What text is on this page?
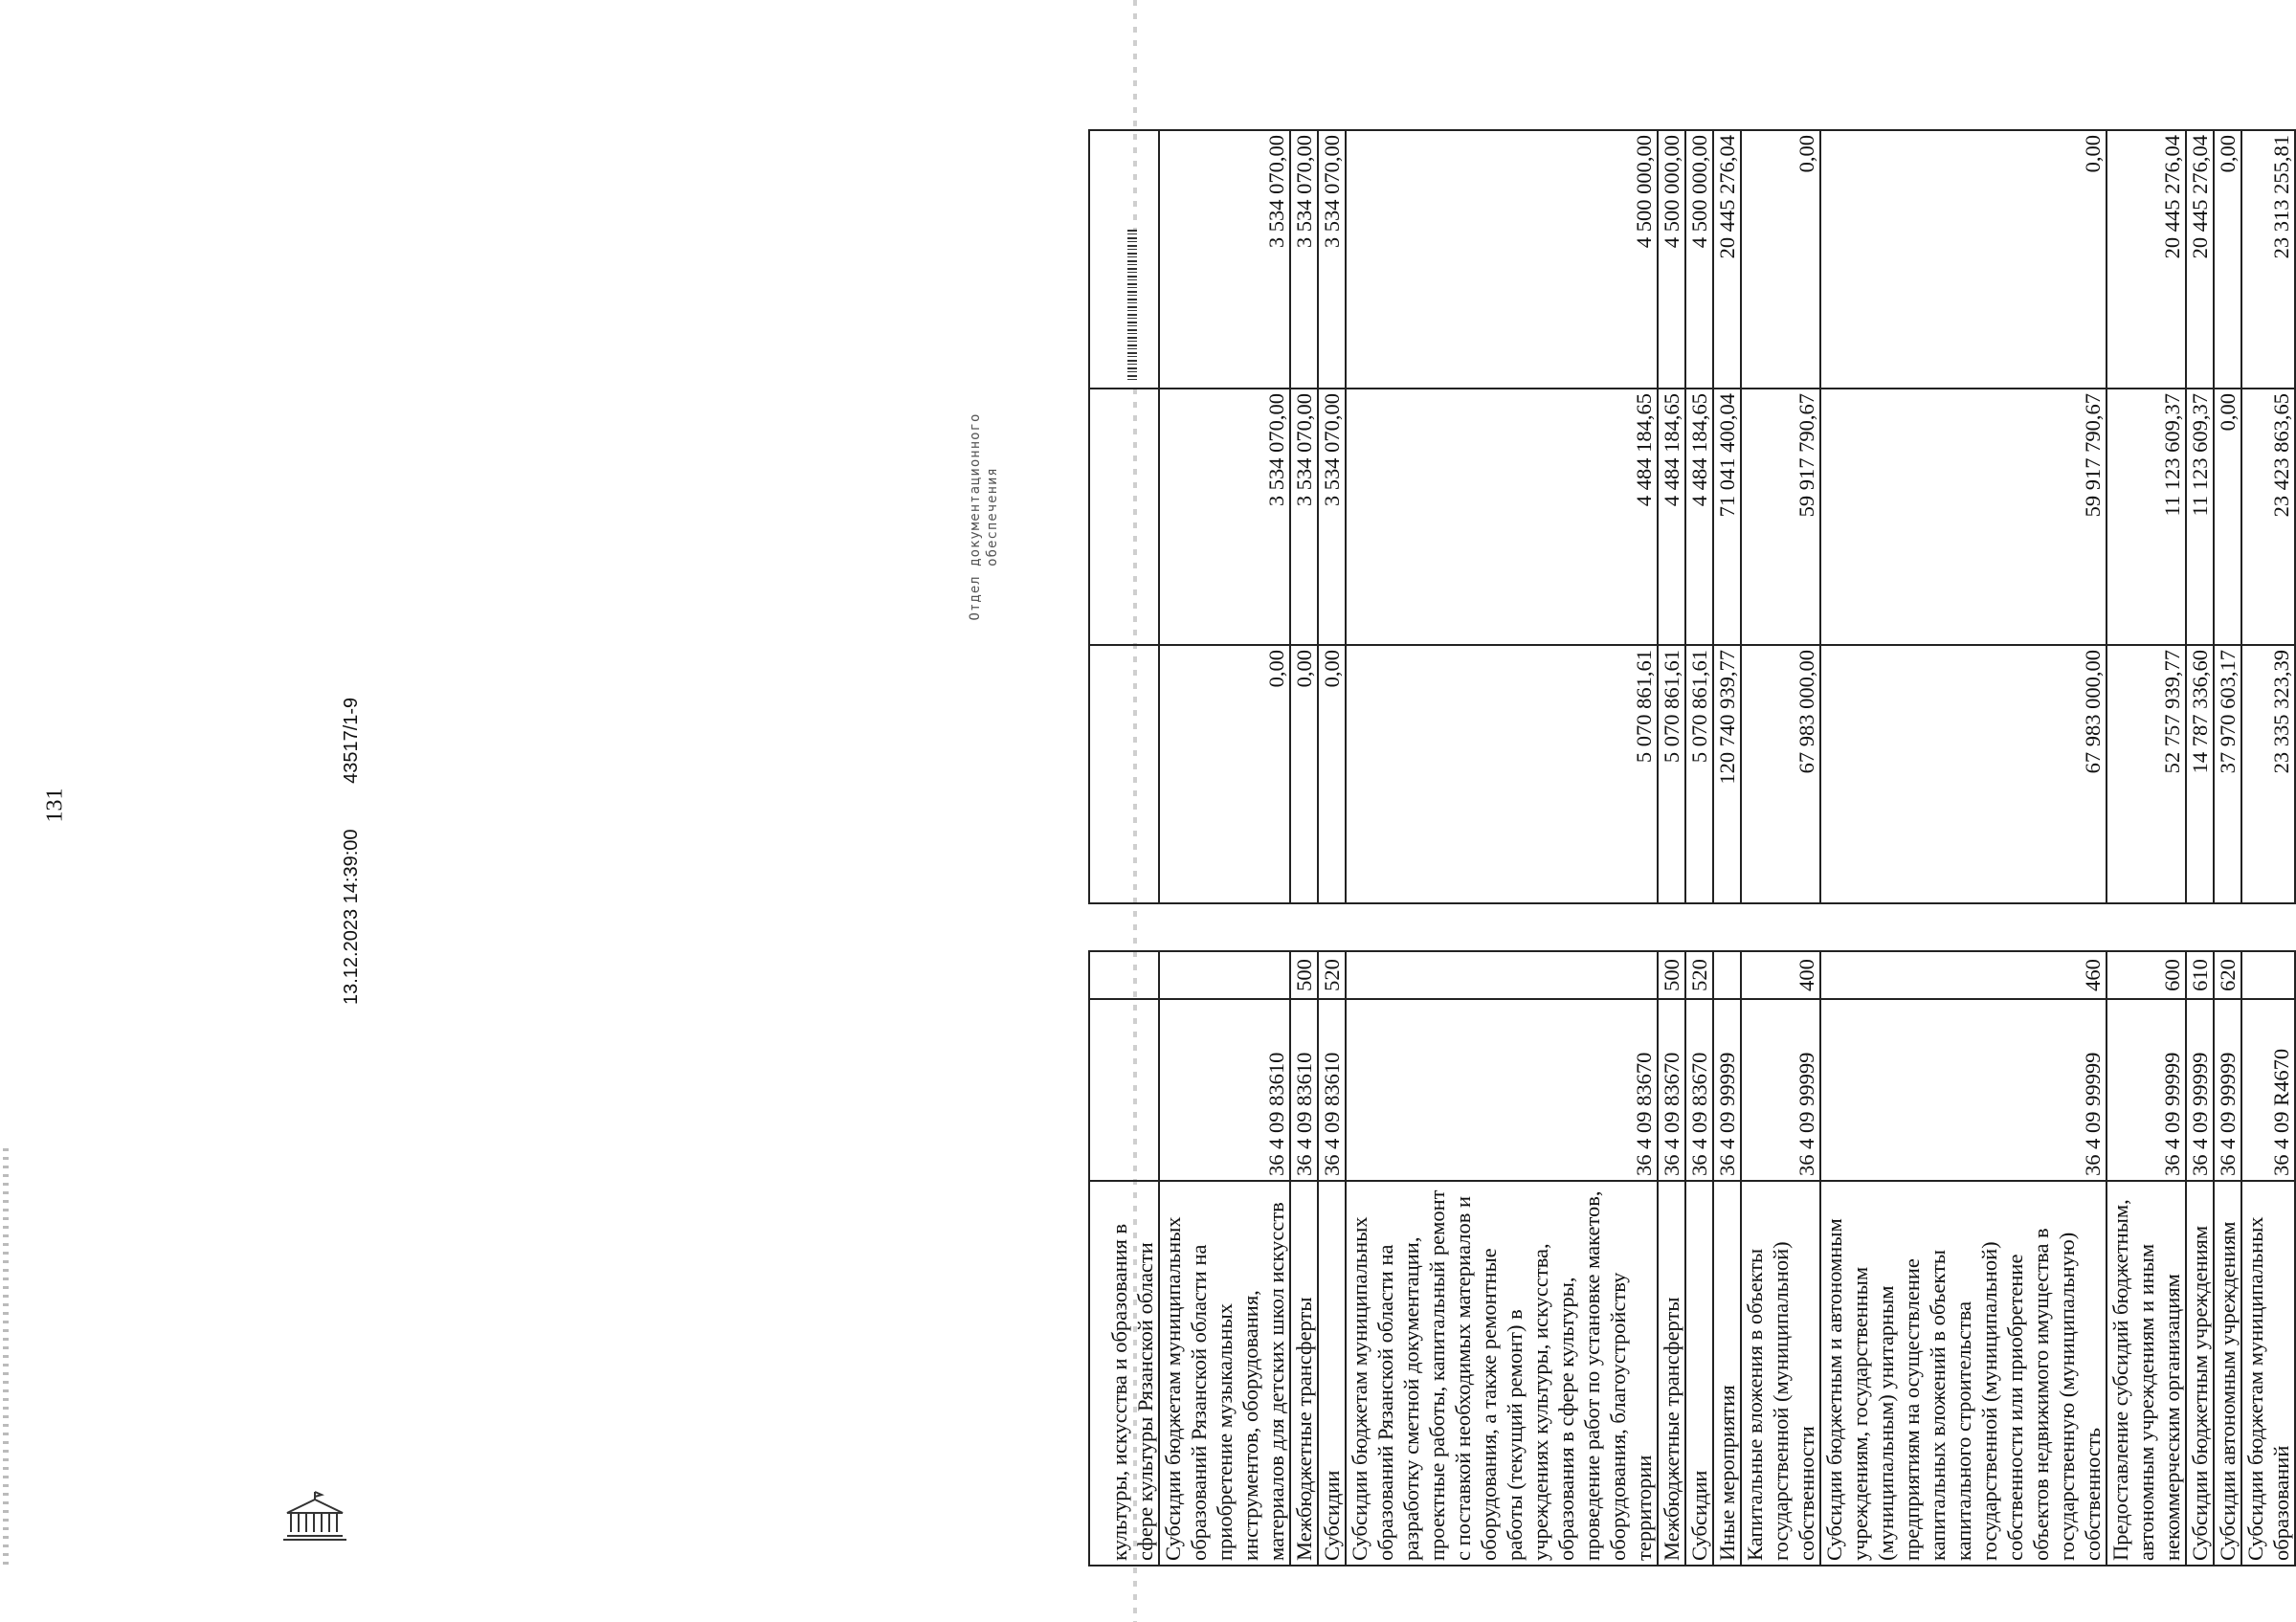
131
культуры, искусства и образования в сфере культуры Рязанской области						
Субсидии бюджетам муниципальных образований Рязанской области на приобретение музыкальных инструментов, оборудования, материалов для детских школ искусств	36 4 09 83610			0,00	3 534 070,00	3 534 070,00
Межбюджетные трансферты	36 4 09 83610	500		0,00	3 534 070,00	3 534 070,00
Субсидии	36 4 09 83610	520		0,00	3 534 070,00	3 534 070,00
Субсидии бюджетам муниципальных образований Рязанской области на разработку сметной документации, проектные работы, капитальный ремонт с поставкой необходимых материалов и оборудования, а также ремонтные работы (текущий ремонт) в учреждениях культуры, искусства, образования в сфере культуры, проведение работ по установке макетов, оборудования, благоустройству территории	36 4 09 83670			5 070 861,61	4 484 184,65	4 500 000,00
Межбюджетные трансферты	36 4 09 83670	500		5 070 861,61	4 484 184,65	4 500 000,00
Субсидии	36 4 09 83670	520		5 070 861,61	4 484 184,65	4 500 000,00
Иные мероприятия	36 4 09 99999			120 740 939,77	71 041 400,04	20 445 276,04
Капитальные вложения в объекты государственной (муниципальной) собственности	36 4 09 99999	400		67 983 000,00	59 917 790,67	0,00
Субсидии бюджетным и автономным учреждениям, государственным (муниципальным) унитарным предприятиям на осуществление капитальных вложений в объекты капитального строительства государственной (муниципальной) собственности или приобретение объектов недвижимого имущества в государственную (муниципальную) собственность	36 4 09 99999	460		67 983 000,00	59 917 790,67	0,00
Предоставление субсидий бюджетным, автономным учреждениям и иным некоммерческим организациям	36 4 09 99999	600		52 757 939,77	11 123 609,37	20 445 276,04
Субсидии бюджетным учреждениям	36 4 09 99999	610		14 787 336,60	11 123 609,37	20 445 276,04
Субсидии автономным учреждениям	36 4 09 99999	620		37 970 603,17	0,00	0,00
Субсидии бюджетам муниципальных образований	36 4 09 R4670			23 335 323,39	23 423 863,65	23 313 255,81
13.12.2023 14:39:00 43517/1-9
Отдел документационного обеспечения
